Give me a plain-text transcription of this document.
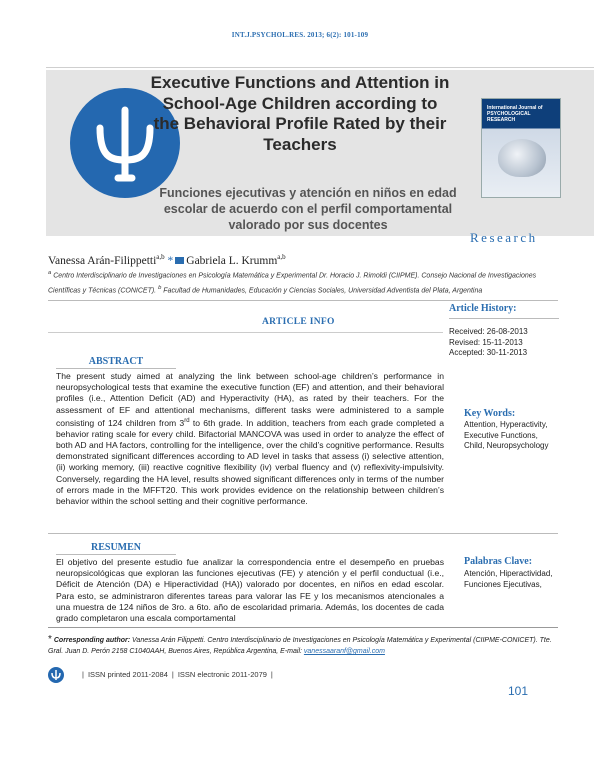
INT.J.PSYCHOL.RES. 2013; 6(2): 101-109
Executive Functions and Attention in School-Age Children according to the Behavioral Profile Rated by their Teachers
Funciones ejecutivas y atención en niños en edad escolar de acuerdo con el perfil comportamental valorado por sus docentes
International Journal of PSYCHOLOGICAL RESEARCH
Research
Vanessa Arán-Filippetti$^{a,b}$ * Gabriela L. Krumm$^{a,b}$
$^a$ Centro Interdisciplinario de Investigaciones en Psicología Matemática y Experimental Dr. Horacio J. Rimoldi (CIIPME). Consejo Nacional de Investigaciones Científicas y Técnicas (CONICET). $^b$ Facultad de Humanidades, Educación y Ciencias Sociales, Universidad Adventista del Plata, Argentina
ARTICLE INFO
Article History:
Received: 26-08-2013
Revised: 15-11-2013
Accepted: 30-11-2013
ABSTRACT
The present study aimed at analyzing the link between school-age children’s performance in neuropsychological tests that examine the executive function (EF) and attention, and their behavioral profiles (i.e., Attention Deficit (AD) and Hyperactivity (HA), as rated by their teachers. For the assessment of EF and attentional mechanisms, different tasks were administered to a sample consisting of 124 children from 3rd to 6th grade. In addition, teachers from each grade completed a behavior rating scale for every child. Bifactorial MANCOVA was used in order to analyze the effect of both AD and HA factors, controlling for the intelligence, over the child’s cognitive performance. Results demonstrated significant differences according to AD level in tasks that assess (i) selective attention, (ii) working memory, (iii) reactive cognitive flexibility (iv) verbal fluency and (v) reflexivity-impulsivity. Conversely, regarding the HA level, results showed significant differences only in terms of the number of errors made in the MFFT20. This work provides evidence on the relationship between children’s behavior within the school setting and their cognitive performance.
Key Words:
Attention, Hyperactivity, Executive Functions, Child, Neuropsychology
RESUMEN
El objetivo del presente estudio fue analizar la correspondencia entre el desempeño en pruebas neuropsicológicas que exploran las funciones ejecutivas (FE) y atención y el perfil conductual (i.e., Déficit de Atención (DA) e Hiperactividad (HA)) valorado por docentes, en niños en edad escolar. Para esto, se administraron diferentes tareas para valorar las FE y los mecanismos atencionales a una muestra de 124 niños de 3ro. a 6to. año de escolaridad primaria. Además, los docentes de cada grado completaron una escala comportamental
Palabras Clave:
Atención, Hiperactividad, Funciones Ejecutivas,
* Corresponding author: Vanessa Arán Filippetti. Centro Interdisciplinario de Investigaciones en Psicología Matemática y Experimental (CIIPME-CONICET). Tte. Gral. Juan D. Perón 2158 C1040AAH, Buenos Aires, República Argentina, E-mail: vanessaaranf@gmail.com
| ISSN printed 2011-2084 | ISSN electronic 2011-2079 |
101
